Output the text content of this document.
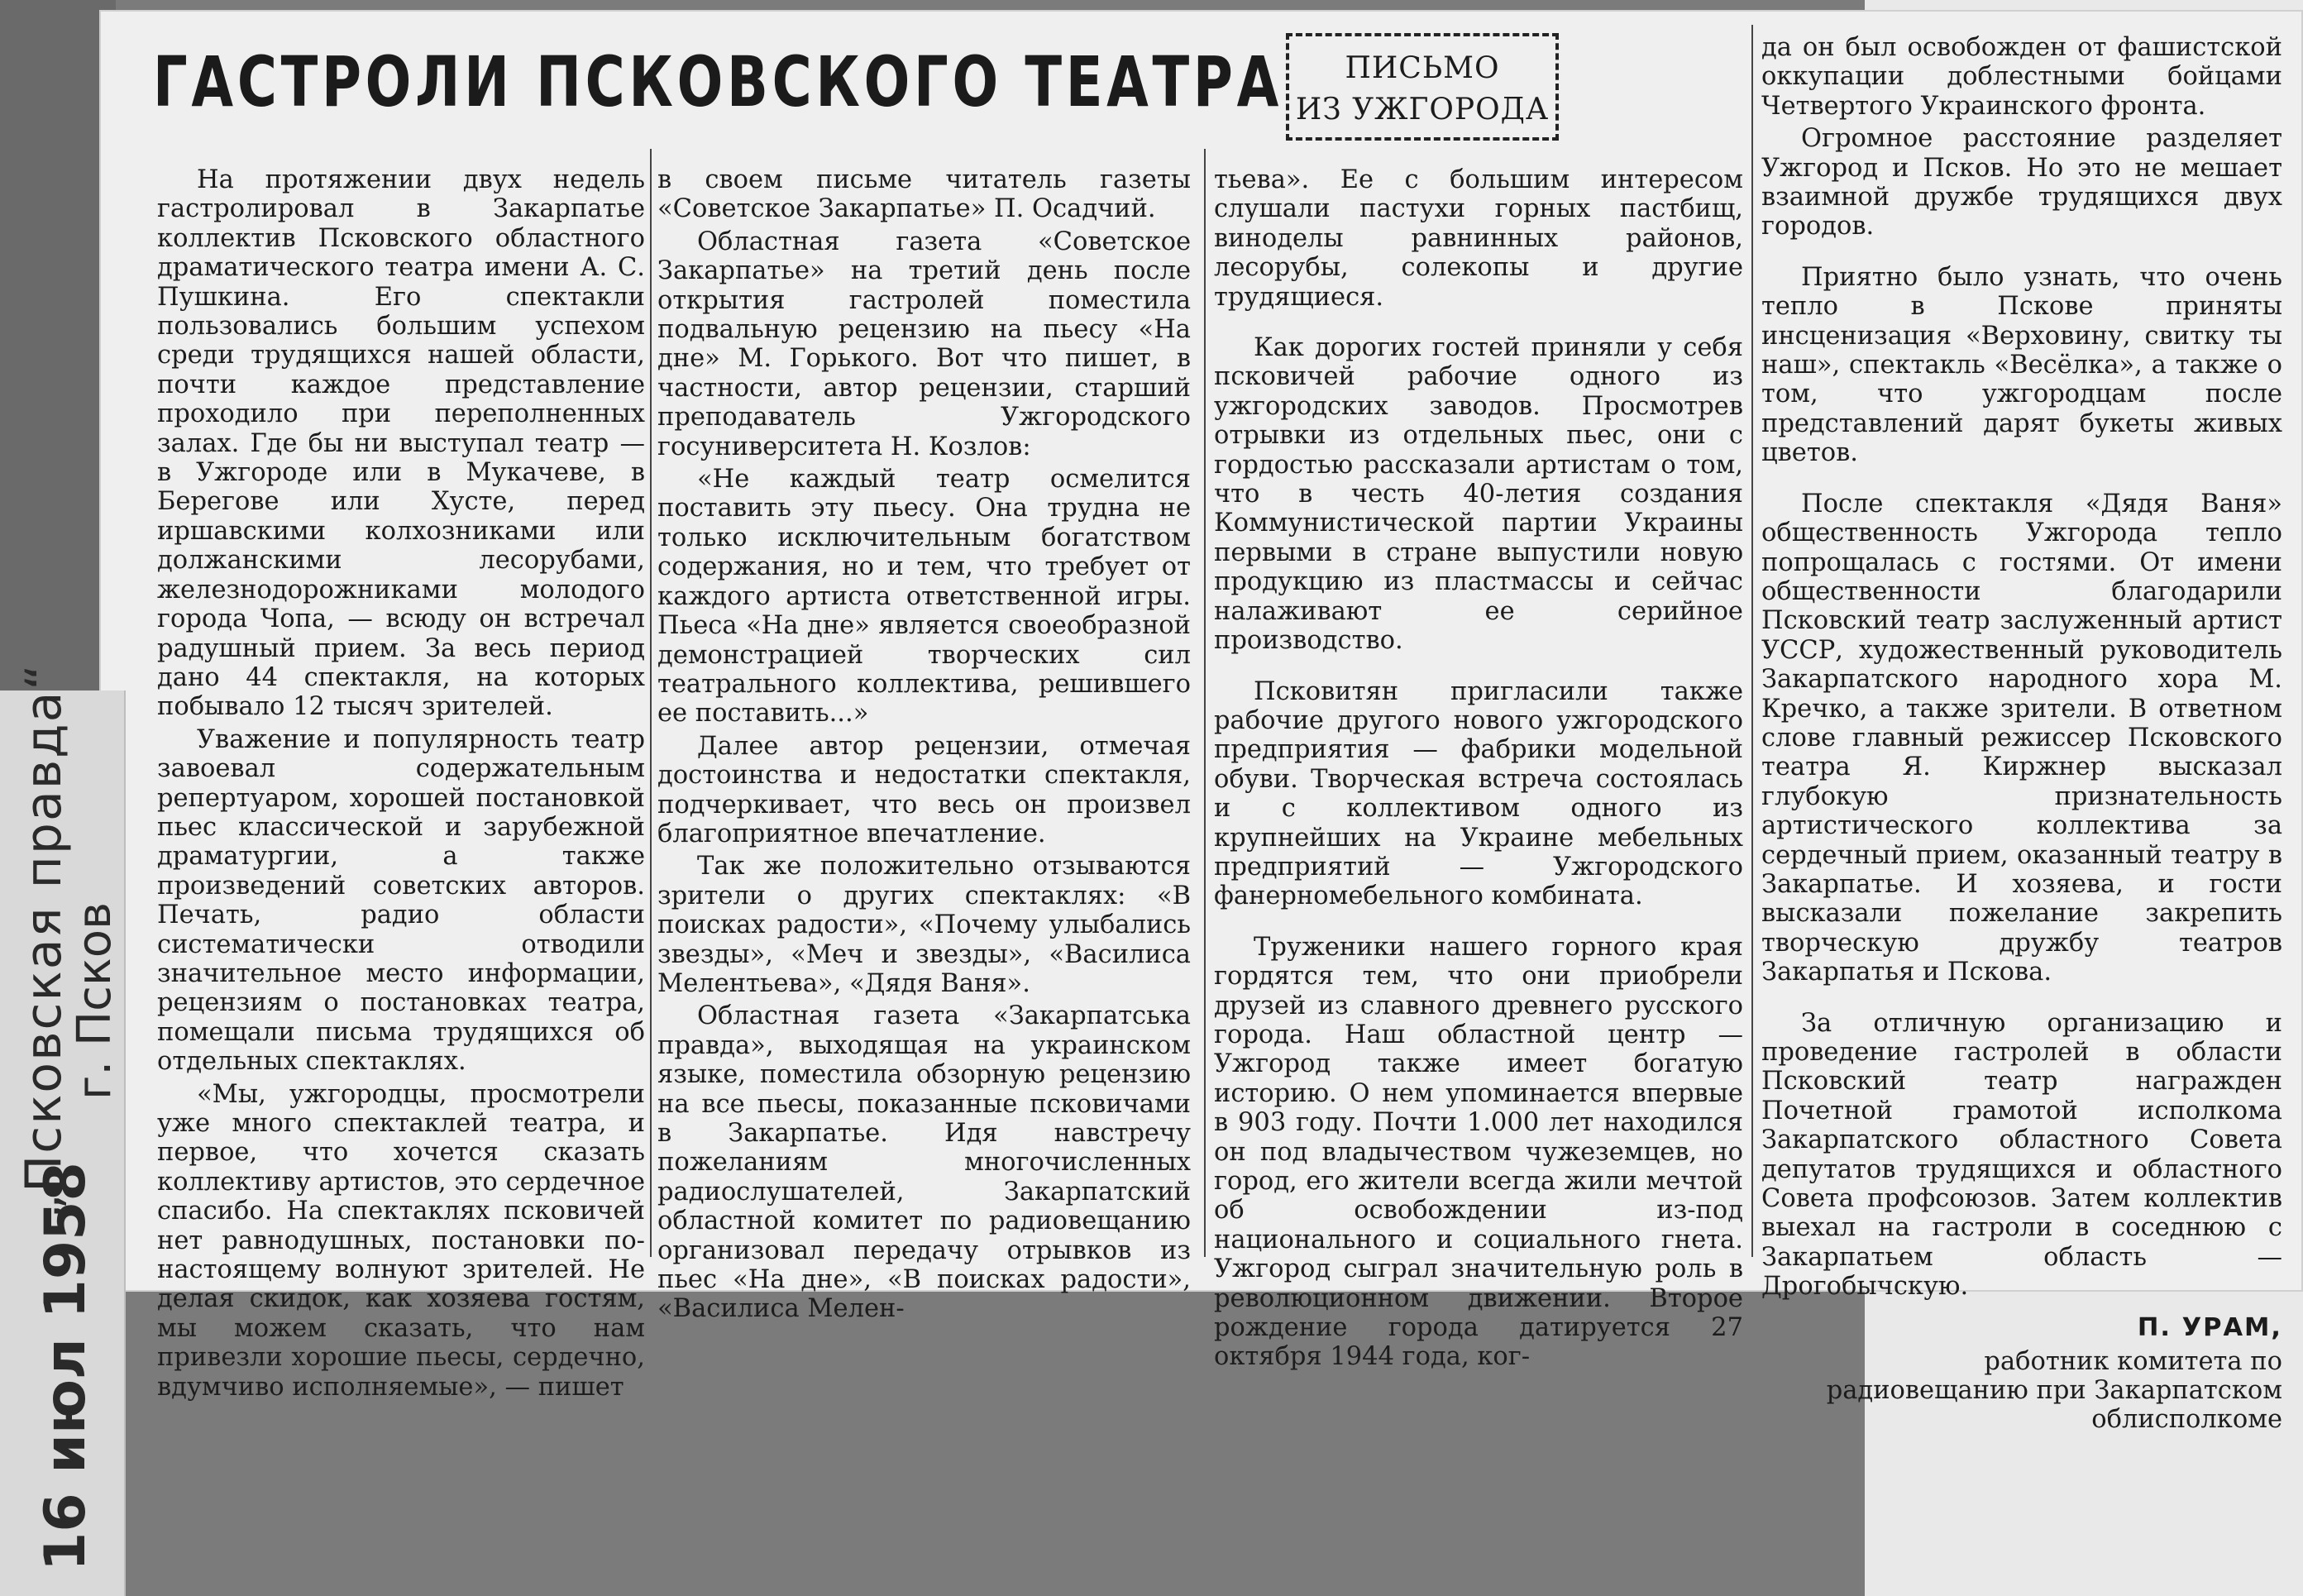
„Псковская правда“
г. Псков
16 июл 1958
ГАСТРОЛИ ПСКОВСКОГО ТЕАТРА	ПИСЬМО
ИЗ УЖГОРОДА

На протяжении двух недель гастролировал в Закарпатье коллектив Псковского областного драматического театра имени А. С. Пушкина. Его спектакли пользовались большим успехом среди трудящихся нашей области, почти каждое представление проходило при переполненных залах. Где бы ни выступал театр — в Ужгороде или в Мукачеве, в Берегове или Хусте, перед иршавскими колхозниками или должанскими лесорубами, железнодорожниками молодого города Чопа, — всюду он встречал радушный прием. За весь период дано 44 спектакля, на которых побывало 12 тысяч зрителей.

Уважение и популярность театр завоевал содержательным репертуаром, хорошей постановкой пьес классической и зарубежной драматургии, а также произведений советских авторов. Печать, радио области систематически отводили значительное место информации, рецензиям о постановках театра, помещали письма трудящихся об отдельных спектаклях.

«Мы, ужгородцы, просмотрели уже много спектаклей театра, и первое, что хочется сказать коллективу артистов, это сердечное спасибо. На спектаклях псковичей нет равнодушных, постановки по-настоящему волнуют зрителей. Не делая скидок, как хозяева гостям, мы можем сказать, что нам привезли хорошие пьесы, сердечно, вдумчиво исполняемые», — пишет

в своем письме читатель газеты «Советское Закарпатье» П. Осадчий.

Областная газета «Советское Закарпатье» на третий день после открытия гастролей поместила подвальную рецензию на пьесу «На дне» М. Горького. Вот что пишет, в частности, автор рецензии, старший преподаватель Ужгородского госуниверситета Н. Козлов:

«Не каждый театр осмелится поставить эту пьесу. Она трудна не только исключительным богатством содержания, но и тем, что требует от каждого артиста ответственной игры. Пьеса «На дне» является своеобразной демонстрацией творческих сил театрального коллектива, решившего ее поставить...»

Далее автор рецензии, отмечая достоинства и недостатки спектакля, подчеркивает, что весь он произвел благоприятное впечатление.

Так же положительно отзываются зрители о других спектаклях: «В поисках радости», «Почему улыбались звезды», «Меч и звезды», «Василиса Мелентьева», «Дядя Ваня».

Областная газета «Закарпатська правда», выходящая на украинском языке, поместила обзорную рецензию на все пьесы, показанные псковичами в Закарпатье. Идя навстречу пожеланиям многочисленных радиослушателей, Закарпатский областной комитет по радиовещанию организовал передачу отрывков из пьес «На дне», «В поисках радости», «Василиса Мелен-

тьева». Ее с большим интересом слушали пастухи горных пастбищ, виноделы равнинных районов, лесорубы, солекопы и другие трудящиеся.

Как дорогих гостей приняли у себя псковичей рабочие одного из ужгородских заводов. Просмотрев отрывки из отдельных пьес, они с гордостью рассказали артистам о том, что в честь 40-летия создания Коммунистической партии Украины первыми в стране выпустили новую продукцию из пластмассы и сейчас налаживают ее серийное производство.

Псковитян пригласили также рабочие другого нового ужгородского предприятия — фабрики модельной обуви. Творческая встреча состоялась и с коллективом одного из крупнейших на Украине мебельных предприятий — Ужгородского фанерномебельного комбината.

Труженики нашего горного края гордятся тем, что они приобрели друзей из славного древнего русского города. Наш областной центр — Ужгород также имеет богатую историю. О нем упоминается впервые в 903 году. Почти 1.000 лет находился он под владычеством чужеземцев, но город, его жители всегда жили мечтой об освобождении из-под национального и социального гнета. Ужгород сыграл значительную роль в революционном движении. Второе рождение города датируется 27 октября 1944 года, ког-

да он был освобожден от фашистской оккупации доблестными бойцами Четвертого Украинского фронта.

Огромное расстояние разделяет Ужгород и Псков. Но это не мешает взаимной дружбе трудящихся двух городов.

Приятно было узнать, что очень тепло в Пскове приняты инсценизация «Верховину, свитку ты наш», спектакль «Весёлка», а также о том, что ужгородцам после представлений дарят букеты живых цветов.

После спектакля «Дядя Ваня» общественность Ужгорода тепло попрощалась с гостями. От имени общественности благодарили Псковский театр заслуженный артист УССР, художественный руководитель Закарпатского народного хора М. Кречко, а также зрители. В ответном слове главный режиссер Псковского театра Я. Киржнер высказал глубокую признательность артистического коллектива за сердечный прием, оказанный театру в Закарпатье. И хозяева, и гости высказали пожелание закрепить творческую дружбу театров Закарпатья и Пскова.

За отличную организацию и проведение гастролей в области Псковский театр награжден Почетной грамотой исполкома Закарпатского областного Совета депутатов трудящихся и областного Совета профсоюзов. Затем коллектив выехал на гастроли в соседнюю с Закарпатьем область — Дрогобычскую.

П. УРАМ,
работник комитета по радиовещанию при Закарпатском облисполкоме
